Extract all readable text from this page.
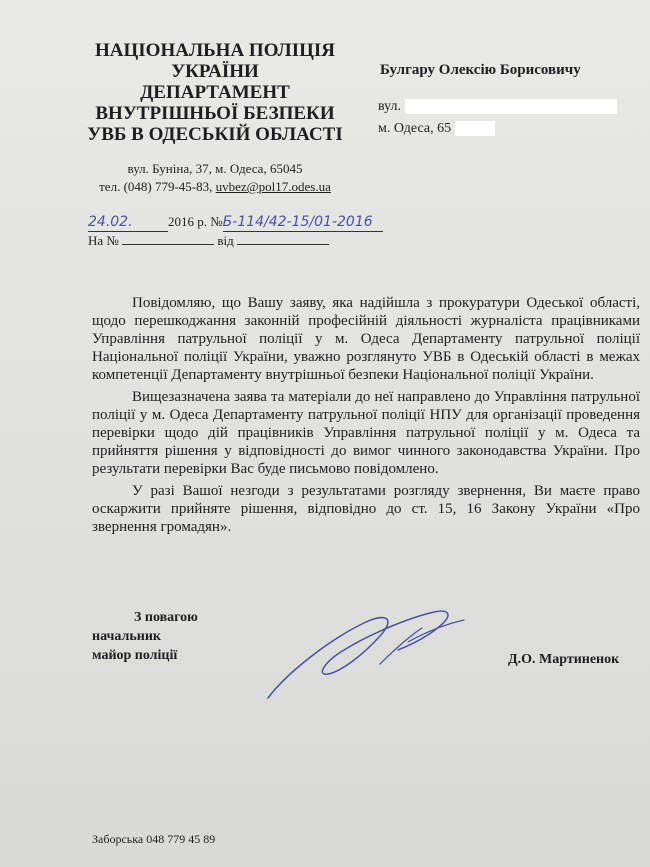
НАЦІОНАЛЬНА ПОЛІЦІЯ
УКРАЇНИ
ДЕПАРТАМЕНТ
ВНУТРІШНЬОЇ БЕЗПЕКИ
УВБ В ОДЕСЬКІЙ ОБЛАСТІ
вул. Буніна, 37, м. Одеса, 65045
тел. (048) 779-45-83, uvbez@pol17.odes.ua
24.02.	2016 р. №Б-114/42-15/01-2016
На №	від
Булгару Олексію Борисовичу
вул.
м. Одеса, 65

Повідомляю, що Вашу заяву, яка надійшла з прокуратури Одеської області, щодо перешкоджання законній професійній діяльності журналіста працівниками Управління патрульної поліції у м. Одеса Департаменту патрульної поліції Національної поліції України, уважно розглянуто УВБ в Одеській області в межах компетенції Департаменту внутрішньої безпеки Національної поліції України.

Вищезазначена заява та матеріали до неї направлено до Управління патрульної поліції у м. Одеса Департаменту патрульної поліції НПУ для організації проведення перевірки щодо дій працівників Управління патрульної поліції у м. Одеса та прийняття рішення у відповідності до вимог чинного законодавства України. Про результати перевірки Вас буде письмово повідомлено.

У разі Вашої незгоди з результатами розгляду звернення, Ви маєте право оскаржити прийняте рішення, відповідно до ст. 15, 16 Закону України «Про звернення громадян».

З повагою
начальник
майор поліції	Д.О. Мартиненок
Заборська 048 779 45 89
